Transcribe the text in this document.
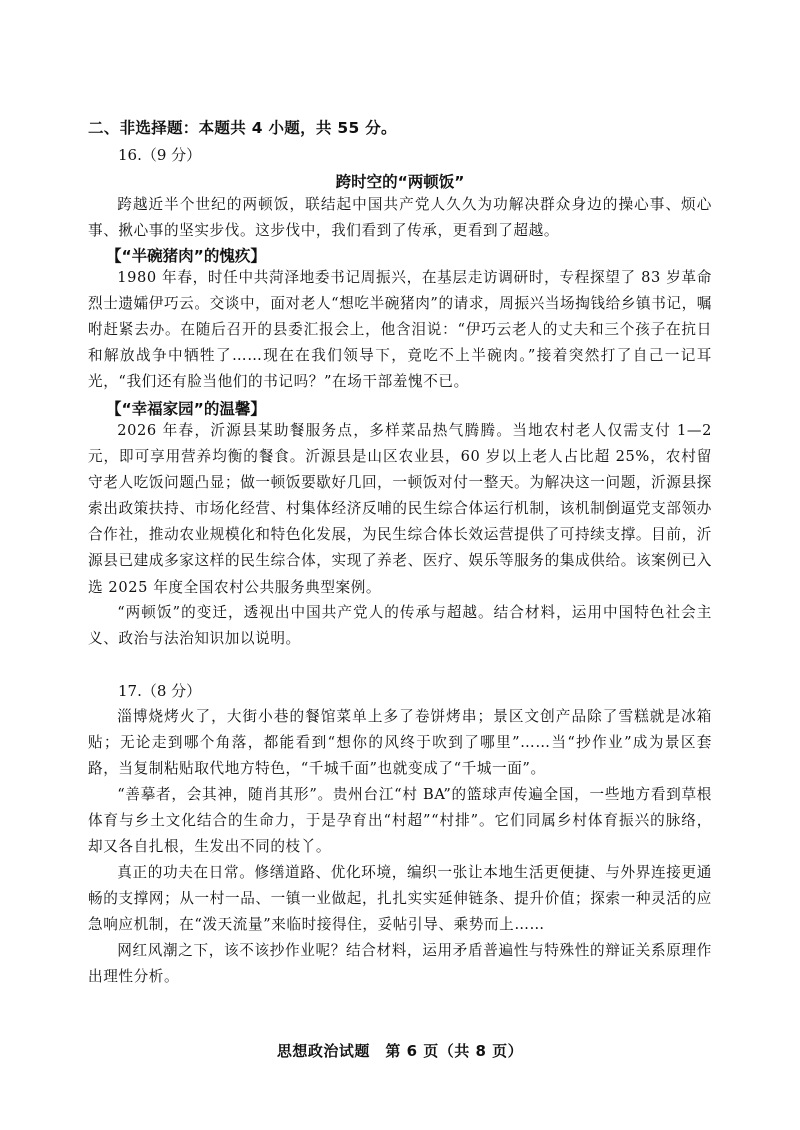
二、非选择题：本题共 4 小题，共 55 分。
16.（9 分）
跨时空的“两顿饭”
跨越近半个世纪的两顿饭，联结起中国共产党人久久为功解决群众身边的操心事、烦心事、揪心事的坚实步伐。这步伐中，我们看到了传承，更看到了超越。
【“半碗猪肉”的愧疚】
1980 年春，时任中共菏泽地委书记周振兴，在基层走访调研时，专程探望了 83 岁革命烈士遗孀伊巧云。交谈中，面对老人“想吃半碗猪肉”的请求，周振兴当场掏钱给乡镇书记，嘱咐赶紧去办。在随后召开的县委汇报会上，他含泪说：“伊巧云老人的丈夫和三个孩子在抗日和解放战争中牺牲了……现在在我们领导下，竟吃不上半碗肉。”接着突然打了自己一记耳光，“我们还有脸当他们的书记吗？”在场干部羞愧不已。
【“幸福家园”的温馨】
2026 年春，沂源县某助餐服务点，多样菜品热气腾腾。当地农村老人仅需支付 1—2 元，即可享用营养均衡的餐食。沂源县是山区农业县，60 岁以上老人占比超 25%，农村留守老人吃饭问题凸显；做一顿饭要歇好几回，一顿饭对付一整天。为解决这一问题，沂源县探索出政策扶持、市场化经营、村集体经济反哺的民生综合体运行机制，该机制倒逼党支部领办合作社，推动农业规模化和特色化发展，为民生综合体长效运营提供了可持续支撑。目前，沂源县已建成多家这样的民生综合体，实现了养老、医疗、娱乐等服务的集成供给。该案例已入选 2025 年度全国农村公共服务典型案例。
“两顿饭”的变迁，透视出中国共产党人的传承与超越。结合材料，运用中国特色社会主义、政治与法治知识加以说明。
17.（8 分）
淄博烧烤火了，大街小巷的餐馆菜单上多了卷饼烤串；景区文创产品除了雪糕就是冰箱贴；无论走到哪个角落，都能看到“想你的风终于吹到了哪里”……当“抄作业”成为景区套路，当复制粘贴取代地方特色，“千城千面”也就变成了“千城一面”。
“善摹者，会其神，随肖其形”。贵州台江“村 BA”的篮球声传遍全国，一些地方看到草根体育与乡土文化结合的生命力，于是孕育出“村超”“村排”。它们同属乡村体育振兴的脉络，却又各自扎根，生发出不同的枝丫。
真正的功夫在日常。修缮道路、优化环境，编织一张让本地生活更便捷、与外界连接更通畅的支撑网；从一村一品、一镇一业做起，扎扎实实延伸链条、提升价值；探索一种灵活的应急响应机制，在“泼天流量”来临时接得住，妥帖引导、乘势而上……
网红风潮之下，该不该抄作业呢？结合材料，运用矛盾普遍性与特殊性的辩证关系原理作出理性分析。
思想政治试题　第 6 页（共 8 页）
